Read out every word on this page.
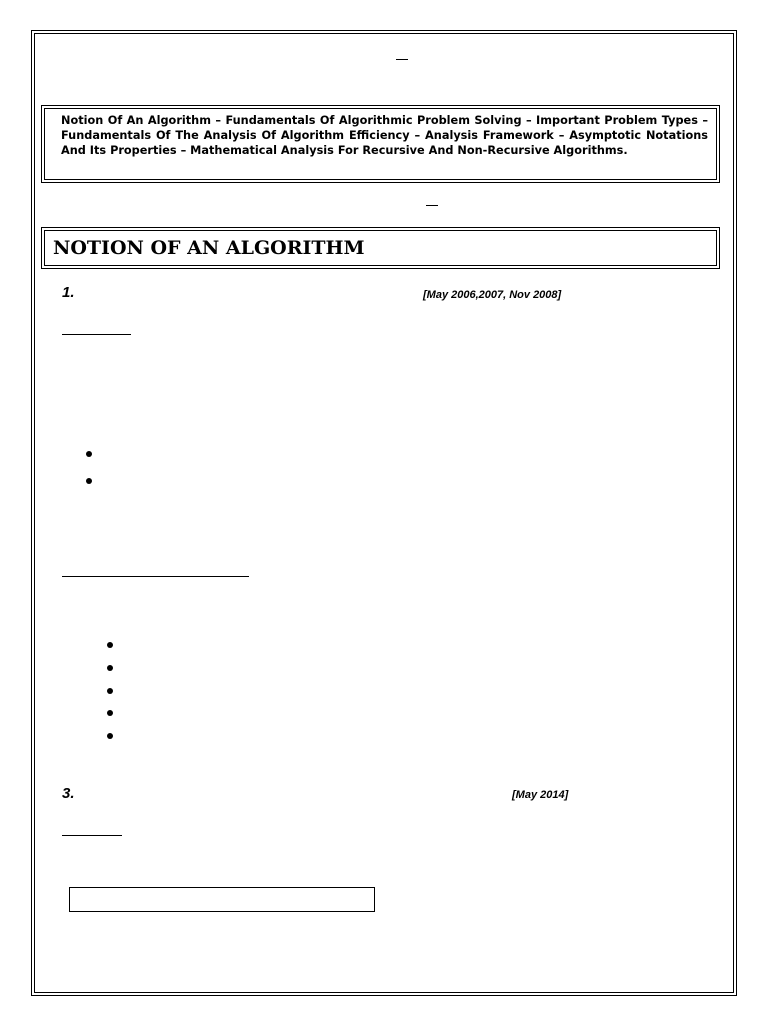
Notion Of An Algorithm – Fundamentals Of Algorithmic Problem Solving – Important Problem Types – Fundamentals Of The Analysis Of Algorithm Efficiency – Analysis Framework – Asymptotic Notations And Its Properties – Mathematical Analysis For Recursive And Non-Recursive Algorithms.

NOTION OF AN ALGORITHM

1.	[May 2006,2007, Nov 2008]
3.	[May 2014]
